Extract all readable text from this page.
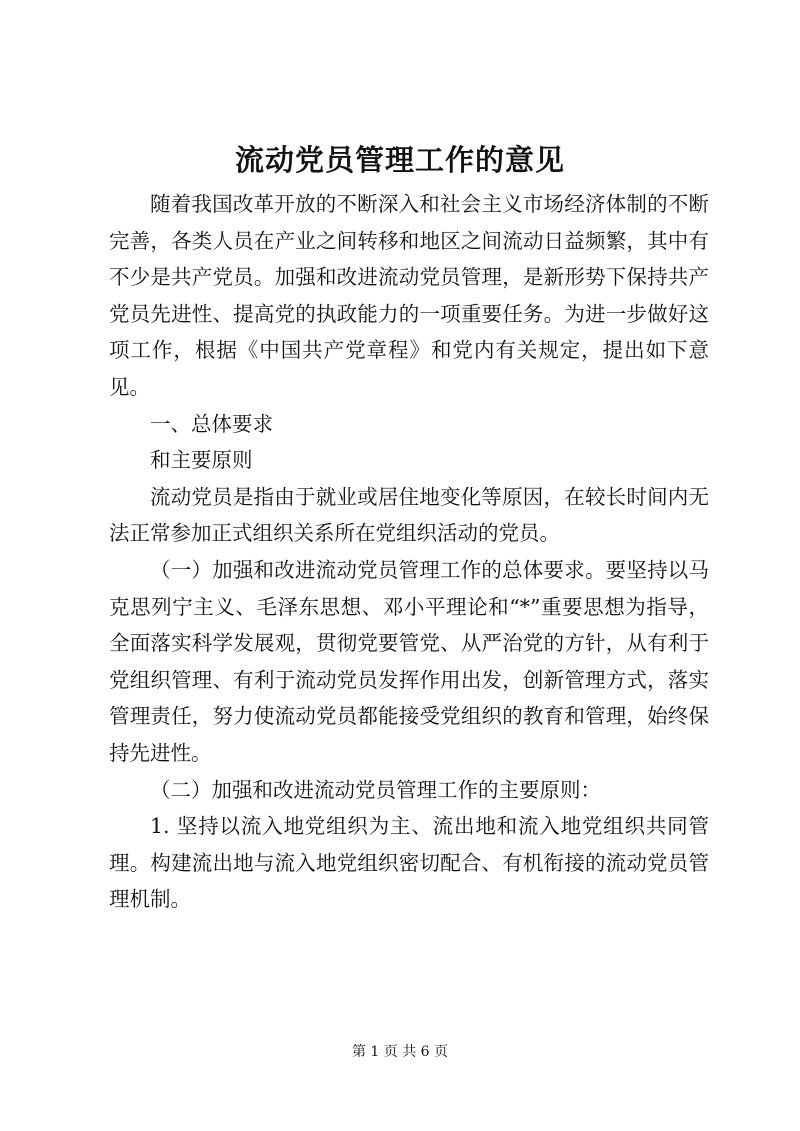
流动党员管理工作的意见

随着我国改革开放的不断深入和社会主义市场经济体制的不断完善，各类人员在产业之间转移和地区之间流动日益频繁，其中有不少是共产党员。加强和改进流动党员管理，是新形势下保持共产党员先进性、提高党的执政能力的一项重要任务。为进一步做好这项工作，根据《中国共产党章程》和党内有关规定，提出如下意见。

一、总体要求

和主要原则

流动党员是指由于就业或居住地变化等原因，在较长时间内无法正常参加正式组织关系所在党组织活动的党员。

（一）加强和改进流动党员管理工作的总体要求。要坚持以马克思列宁主义、毛泽东思想、邓小平理论和“*”重要思想为指导，全面落实科学发展观，贯彻党要管党、从严治党的方针，从有利于党组织管理、有利于流动党员发挥作用出发，创新管理方式，落实管理责任，努力使流动党员都能接受党组织的教育和管理，始终保持先进性。

（二）加强和改进流动党员管理工作的主要原则：

1. 坚持以流入地党组织为主、流出地和流入地党组织共同管理。构建流出地与流入地党组织密切配合、有机衔接的流动党员管理机制。

第 1 页 共 6 页
